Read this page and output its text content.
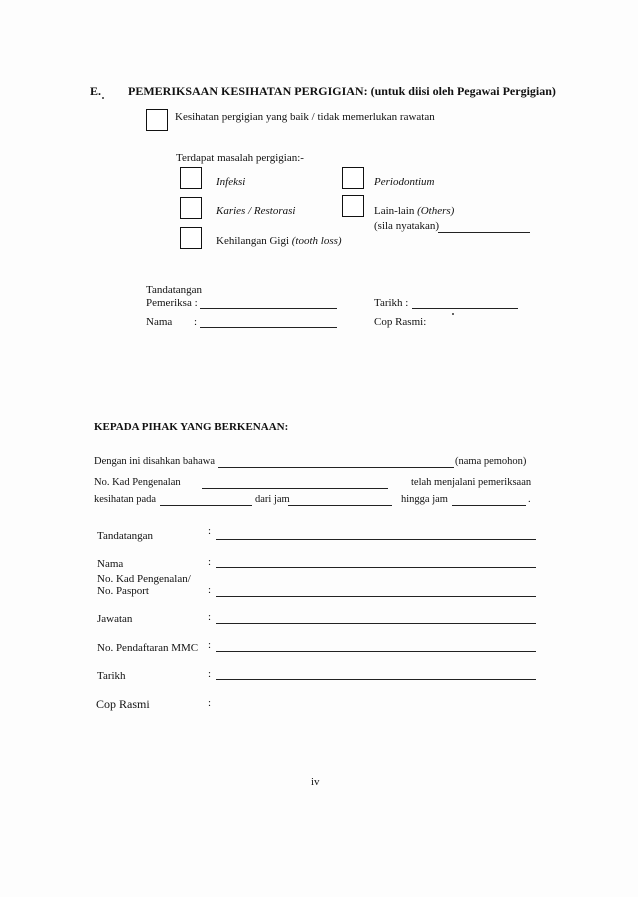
E. PEMERIKSAAN KESIHATAN PERGIGIAN: (untuk diisi oleh Pegawai Pergigian)
Kesihatan pergigian yang baik / tidak memerlukan rawatan
Terdapat masalah pergigian:-
Infeksi
Karies / Restorasi
Kehilangan Gigi (tooth loss)
Periodontium
Lain-lain (Others)
(sila nyatakan)
Tandatangan
Pemeriksa :
Nama :
Tarikh :
Cop Rasmi:
KEPADA PIHAK YANG BERKENAAN:
Dengan ini disahkan bahawa	(nama pemohon)
No. Kad Pengenalan	telah menjalani pemeriksaan
kesihatan pada	dari jam	hingga jam	.
Tandatangan	:
Nama	:
No. Kad Pengenalan/
No. Pasport	:
Jawatan	:
No. Pendaftaran MMC :
Tarikh	:
Cop Rasmi	:
iv
